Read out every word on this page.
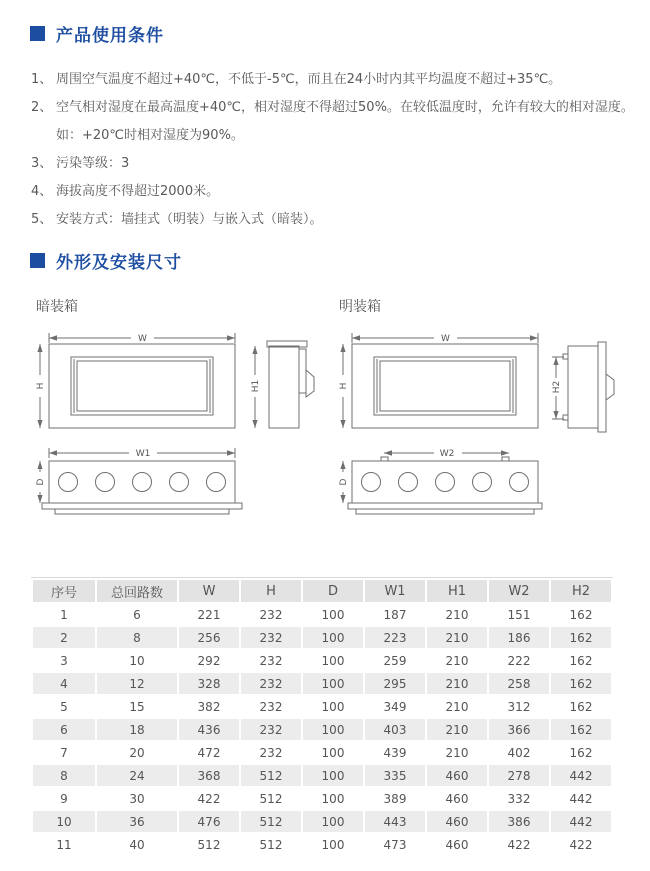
产品使用条件
1、 周围空气温度不超过+40℃，不低于-5℃，而且在24小时内其平均温度不超过+35℃。
2、 空气相对湿度在最高温度+40℃，相对湿度不得超过50%。在较低温度时，允许有较大的相对湿度。
如：+20℃时相对湿度为90%。
3、 污染等级：3
4、 海拔高度不得超过2000米。
5、 安装方式：墙挂式（明装）与嵌入式（暗装）。
外形及安装尺寸
暗装箱
W
H	H1
W1
D
明装箱
W
H	H2
W2
D
序号	总回路数	W	H	D	W1	H1	W2	H2
1	6	221	232	100	187	210	151	162
2	8	256	232	100	223	210	186	162
3	10	292	232	100	259	210	222	162
4	12	328	232	100	295	210	258	162
5	15	382	232	100	349	210	312	162
6	18	436	232	100	403	210	366	162
7	20	472	232	100	439	210	402	162
8	24	368	512	100	335	460	278	442
9	30	422	512	100	389	460	332	442
10	36	476	512	100	443	460	386	442
11	40	512	512	100	473	460	422	422
